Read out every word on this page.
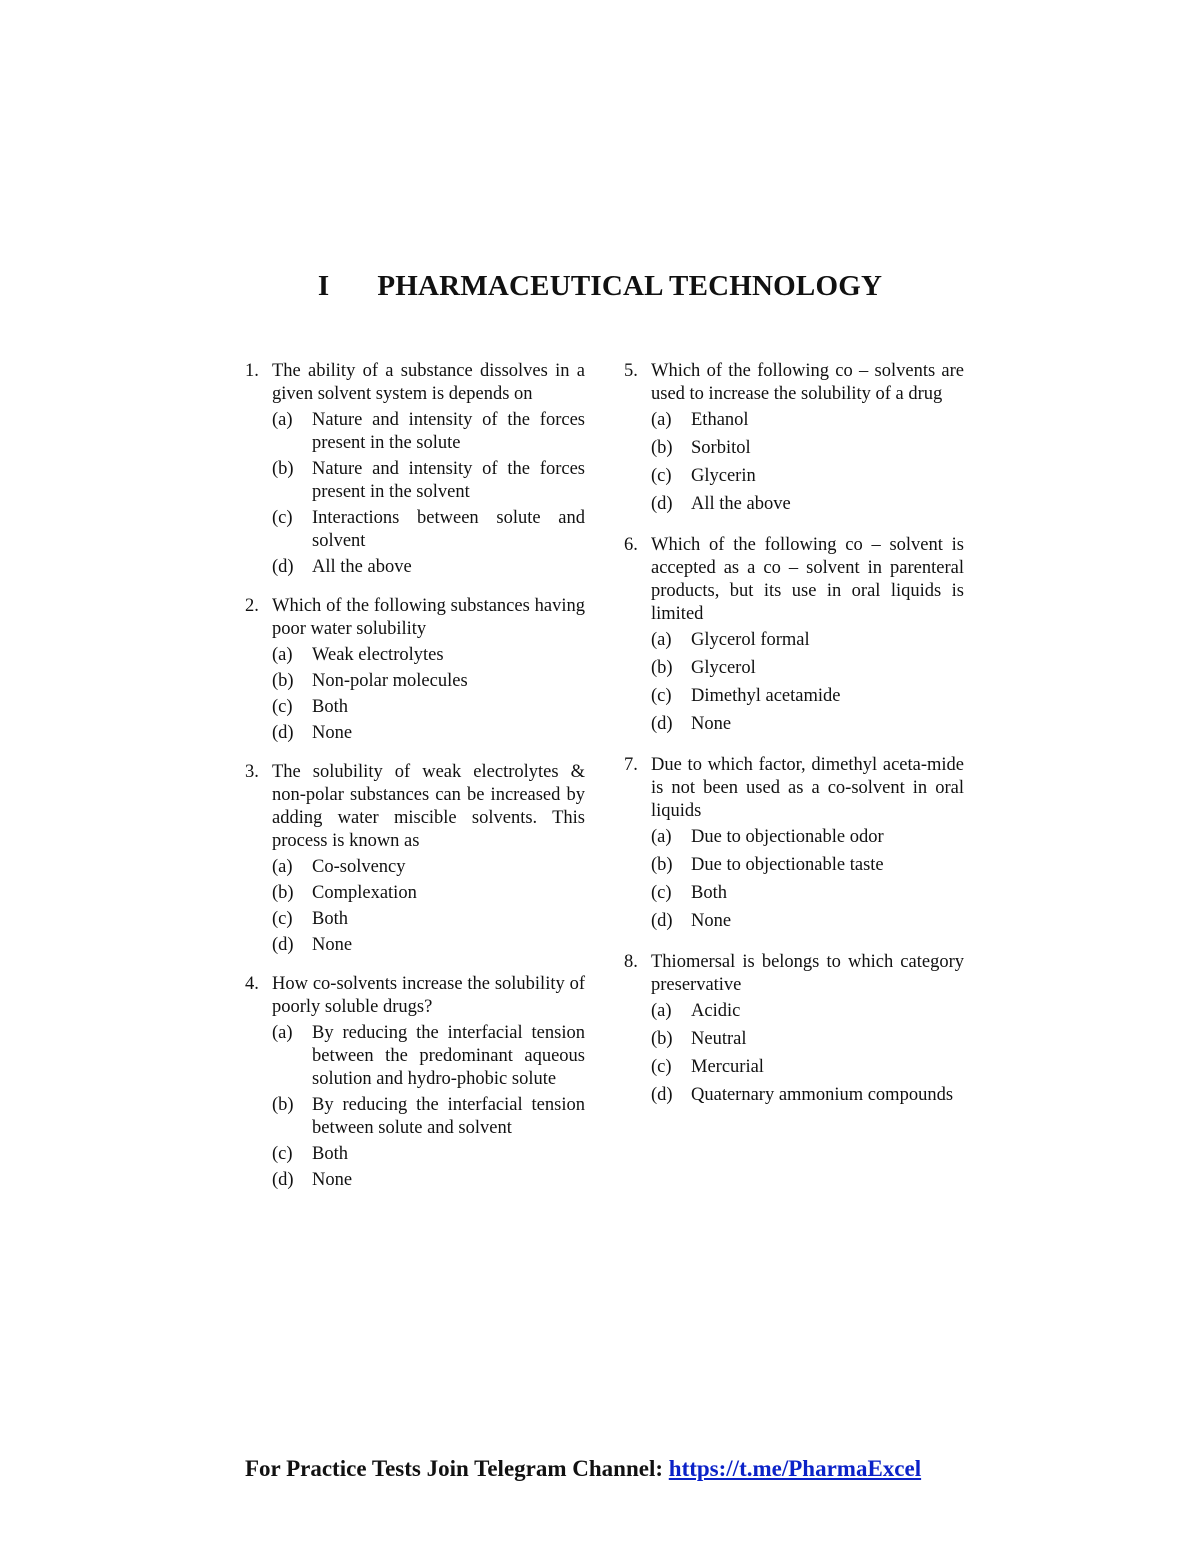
I PHARMACEUTICAL TECHNOLOGY
1. The ability of a substance dissolves in a given solvent system is depends on
(a)	Nature and intensity of the forces present in the solute
(b) Nature and intensity of the forces present in the solvent
(c)	Interactions between solute and solvent
(d) All the above
2. Which of the following substances having poor water solubility
(a)	Weak electrolytes
(b) Non-polar molecules
(c)	Both
(d) None
3. The solubility of weak electrolytes & non-polar substances can be increased by adding water miscible solvents. This process is known as
(a)	Co-solvency
(b) Complexation
(c)	Both
(d) None
4. How co-solvents increase the solubility of poorly soluble drugs?
(a)	By reducing the interfacial tension between the predominant aqueous solution and hydro-phobic solute
(b) By reducing the interfacial tension between solute and solvent
(c)	Both
(d) None
5. Which of the following co – solvents are used to increase the solubility of a drug
(a)	Ethanol
(b) Sorbitol
(c)	Glycerin
(d) All the above
6. Which of the following co – solvent is accepted as a co – solvent in parenteral products, but its use in oral liquids is limited
(a)	Glycerol formal
(b) Glycerol
(c)	Dimethyl acetamide
(d) None
7. Due to which factor, dimethyl aceta-mide is not been used as a co-solvent in oral liquids
(a)	Due to objectionable odor
(b) Due to objectionable taste
(c)	Both
(d) None
8. Thiomersal is belongs to which category preservative
(a)	Acidic
(b) Neutral
(c)	Mercurial
(d) Quaternary ammonium compounds
For Practice Tests Join Telegram Channel: https://t.me/PharmaExcel
